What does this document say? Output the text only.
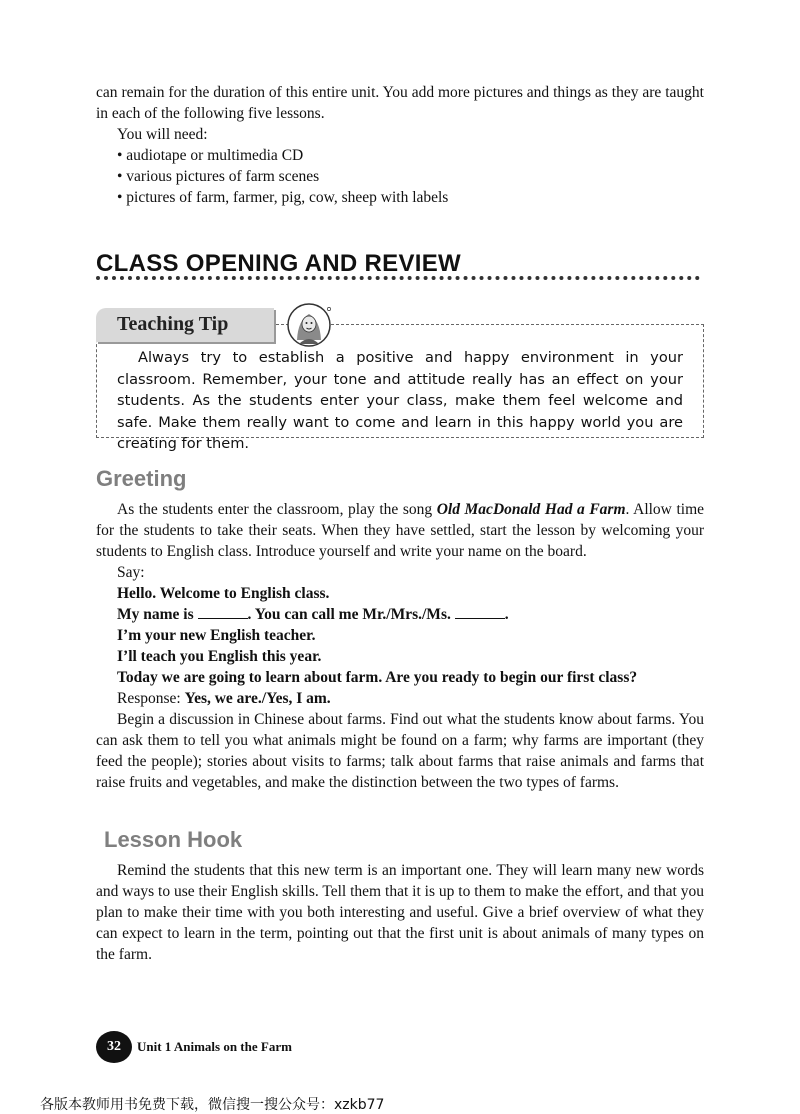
can remain for the duration of this entire unit. You add more pictures and things as they are taught in each of the following five lessons.

You will need:

• audiotape or multimedia CD

• various pictures of farm scenes

• pictures of farm, farmer, pig, cow, sheep with labels

CLASS OPENING AND REVIEW
Teaching Tip

Always try to establish a positive and happy environment in your classroom. Remember, your tone and attitude really has an effect on your students. As the students enter your class, make them feel welcome and safe. Make them really want to come and learn in this happy world you are creating for them.

Greeting

As the students enter the classroom, play the song Old MacDonald Had a Farm. Allow time for the students to take their seats. When they have settled, start the lesson by welcoming your students to English class. Introduce yourself and write your name on the board.

Say:

Hello. Welcome to English class.

My name is	. You can call me Mr./Mrs./Ms.	.

I’m your new English teacher.

I’ll teach you English this year.

Today we are going to learn about farm. Are you ready to begin our first class?

Response: Yes, we are./Yes, I am.

Begin a discussion in Chinese about farms. Find out what the students know about farms. You can ask them to tell you what animals might be found on a farm; why farms are important (they feed the people); stories about visits to farms; talk about farms that raise animals and farms that raise fruits and vegetables, and make the distinction between the two types of farms.

Lesson Hook

Remind the students that this new term is an important one. They will learn many new words and ways to use their English skills. Tell them that it is up to them to make the effort, and that you plan to make their time with you both interesting and useful. Give a brief overview of what they can expect to learn in the term, pointing out that the first unit is about animals of many types on the farm.

32	Unit 1 Animals on the Farm
各版本教师用书免费下载，微信搜一搜公众号：xzkb77
